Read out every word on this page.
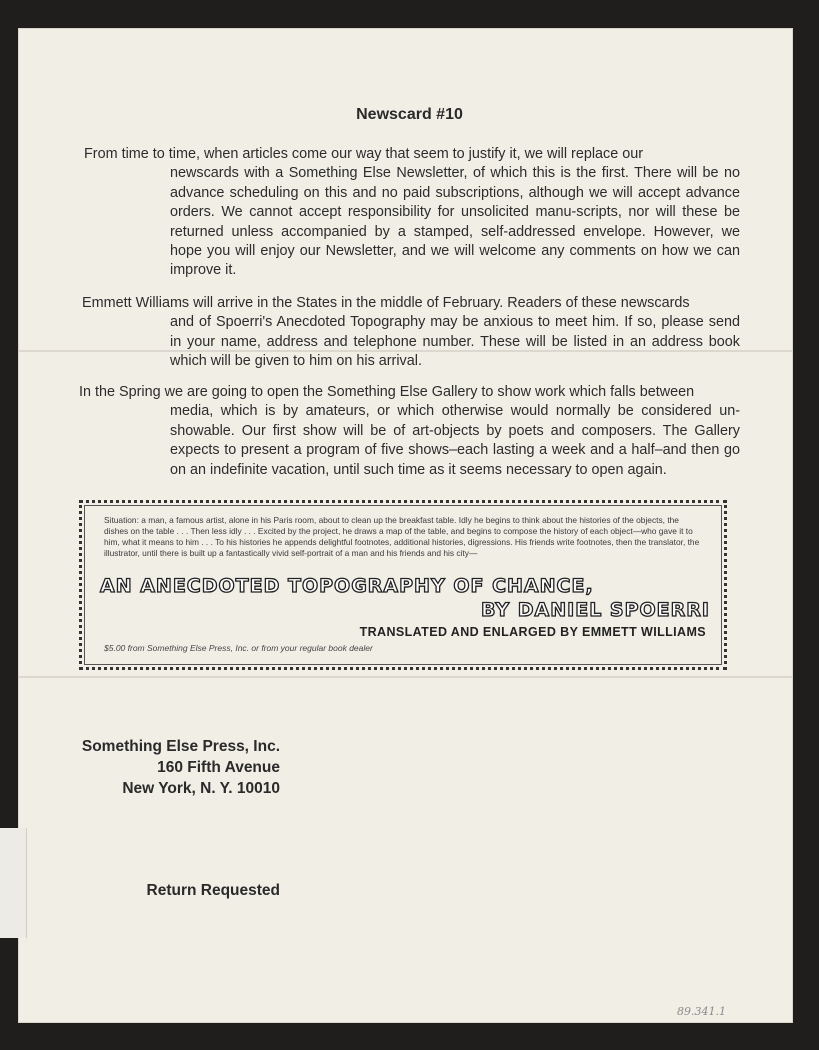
Newscard #10
From time to time, when articles come our way that seem to justify it, we will replace our
newscards with a Something Else Newsletter, of which this is the first. There will be no advance scheduling on this and no paid subscriptions, although we will accept advance orders. We cannot accept responsibility for unsolicited manu-scripts, nor will these be returned unless accompanied by a stamped, self-addressed envelope. However, we hope you will enjoy our Newsletter, and we will welcome any comments on how we can improve it.
Emmett Williams will arrive in the States in the middle of February. Readers of these newscards
and of Spoerri's Anecdoted Topography may be anxious to meet him. If so, please send in your name, address and telephone number. These will be listed in an address book which will be given to him on his arrival.
In the Spring we are going to open the Something Else Gallery to show work which falls between
media, which is by amateurs, or which otherwise would normally be considered un-showable. Our first show will be of art-objects by poets and composers. The Gallery expects to present a program of five shows–each lasting a week and a half–and then go on an indefinite vacation, until such time as it seems necessary to open again.
Situation: a man, a famous artist, alone in his Paris room, about to clean up the breakfast table. Idly he begins to think about the histories of the objects, the dishes on the table . . . Then less idly . . . Excited by the project, he draws a map of the table, and begins to compose the history of each object—who gave it to him, what it means to him . . . To his histories he appends delightful footnotes, additional histories, digressions. His friends write footnotes, then the translator, the illustrator, until there is built up a fantastically vivid self-portrait of a man and his friends and his city—
AN ANECDOTED TOPOGRAPHY OF CHANCE,
BY DANIEL SPOERRI
TRANSLATED AND ENLARGED BY EMMETT WILLIAMS
$5.00 from Something Else Press, Inc. or from your regular book dealer
Something Else Press, Inc.
160 Fifth Avenue
New York, N. Y. 10010
Return Requested
89.341.1
